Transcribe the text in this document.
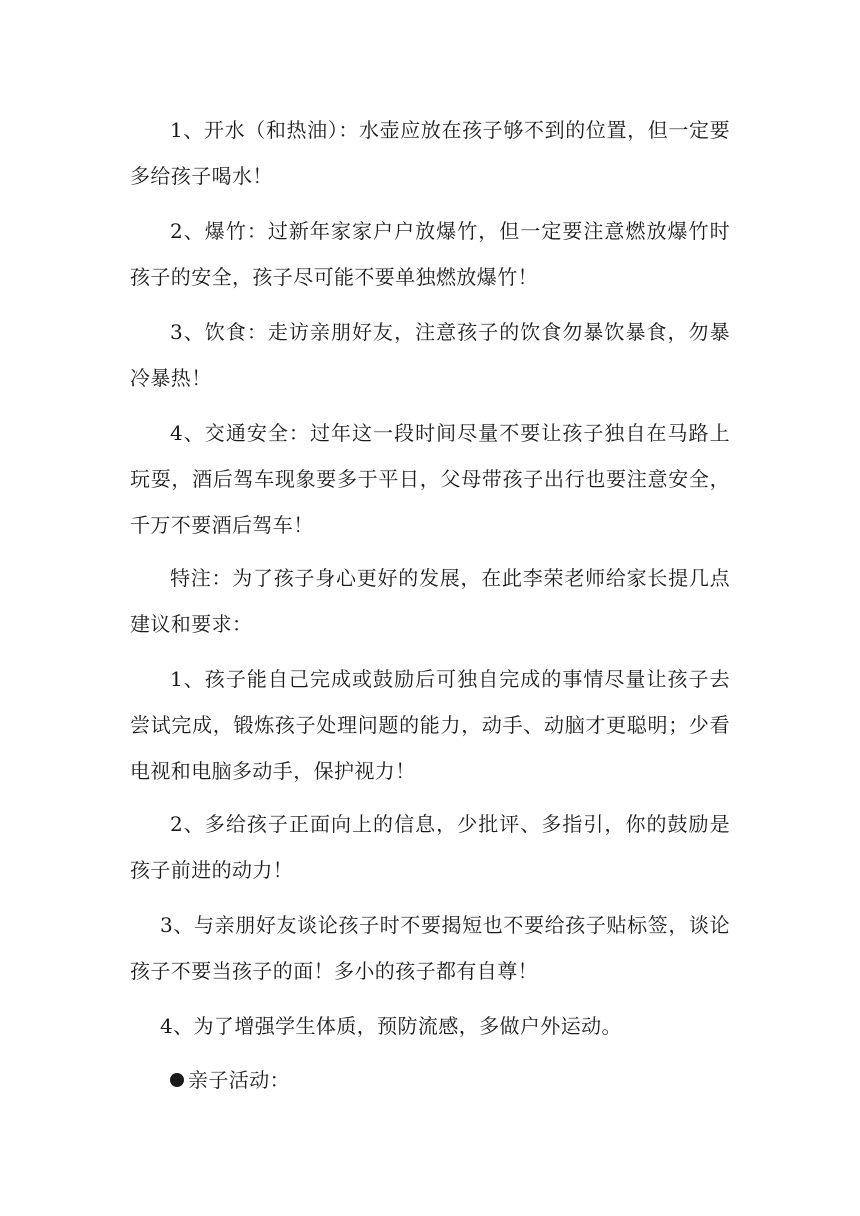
1、开水（和热油）：水壶应放在孩子够不到的位置，但一定要多给孩子喝水！

2、爆竹：过新年家家户户放爆竹，但一定要注意燃放爆竹时孩子的安全，孩子尽可能不要单独燃放爆竹！

3、饮食：走访亲朋好友，注意孩子的饮食勿暴饮暴食，勿暴冷暴热！

4、交通安全：过年这一段时间尽量不要让孩子独自在马路上玩耍，酒后驾车现象要多于平日，父母带孩子出行也要注意安全，千万不要酒后驾车！

特注：为了孩子身心更好的发展，在此李荣老师给家长提几点建议和要求：

1、孩子能自己完成或鼓励后可独自完成的事情尽量让孩子去尝试完成，锻炼孩子处理问题的能力，动手、动脑才更聪明；少看电视和电脑多动手，保护视力！

2、多给孩子正面向上的信息，少批评、多指引，你的鼓励是孩子前进的动力！

3、与亲朋好友谈论孩子时不要揭短也不要给孩子贴标签，谈论孩子不要当孩子的面！多小的孩子都有自尊！

4、为了增强学生体质，预防流感，多做户外运动。

亲子活动：
